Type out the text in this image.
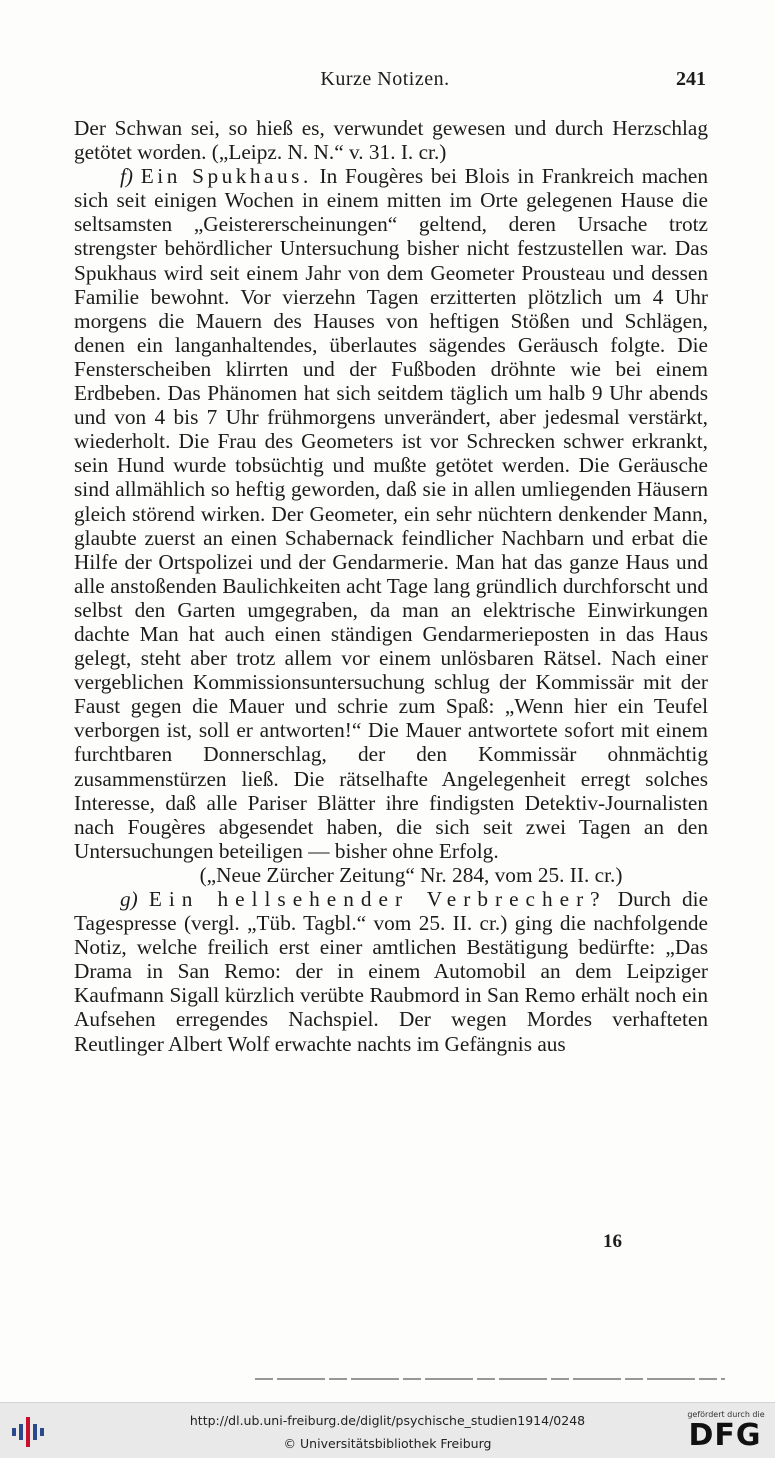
Kurze Notizen.	241

Der Schwan sei, so hieß es, verwundet gewesen und durch Herzschlag getötet worden. („Leipz. N. N.“ v. 31. I. cr.)

f) Ein Spukhaus. In Fougères bei Blois in Frankreich machen sich seit einigen Wochen in einem mitten im Orte gelegenen Hause die seltsamsten „Geistererscheinungen“ geltend, deren Ursache trotz strengster behördlicher Untersuchung bisher nicht festzustellen war. Das Spukhaus wird seit einem Jahr von dem Geometer Prousteau und dessen Familie bewohnt. Vor vierzehn Tagen erzitterten plötzlich um 4 Uhr morgens die Mauern des Hauses von heftigen Stößen und Schlägen, denen ein langanhaltendes, überlautes sägendes Geräusch folgte. Die Fensterscheiben klirrten und der Fußboden dröhnte wie bei einem Erdbeben. Das Phänomen hat sich seitdem täglich um halb 9 Uhr abends und von 4 bis 7 Uhr frühmorgens unverändert, aber jedesmal verstärkt, wiederholt. Die Frau des Geometers ist vor Schrecken schwer erkrankt, sein Hund wurde tobsüchtig und mußte getötet werden. Die Geräusche sind allmählich so heftig geworden, daß sie in allen umliegenden Häusern gleich störend wirken. Der Geometer, ein sehr nüchtern denkender Mann, glaubte zuerst an einen Schabernack feindlicher Nachbarn und erbat die Hilfe der Ortspolizei und der Gendarmerie. Man hat das ganze Haus und alle anstoßenden Baulichkeiten acht Tage lang gründlich durchforscht und selbst den Garten umgegraben, da man an elektrische Einwirkungen dachte Man hat auch einen ständigen Gendarmerieposten in das Haus gelegt, steht aber trotz allem vor einem unlösbaren Rätsel. Nach einer vergeblichen Kommissionsuntersuchung schlug der Kommissär mit der Faust gegen die Mauer und schrie zum Spaß: „Wenn hier ein Teufel verborgen ist, soll er antworten!“ Die Mauer antwortete sofort mit einem furchtbaren Donnerschlag, der den Kommissär ohnmächtig zusammenstürzen ließ. Die rätselhafte Angelegenheit erregt solches Interesse, daß alle Pariser Blätter ihre findigsten Detektiv-Journalisten nach Fougères abgesendet haben, die sich seit zwei Tagen an den Untersuchungen beteiligen — bisher ohne Erfolg.

(„Neue Zürcher Zeitung“ Nr. 284, vom 25. II. cr.)

g) Ein hellsehender Verbrecher? Durch die Tagespresse (vergl. „Tüb. Tagbl.“ vom 25. II. cr.) ging die nachfolgende Notiz, welche freilich erst einer amtlichen Bestätigung bedürfte: „Das Drama in San Remo: der in einem Automobil an dem Leipziger Kaufmann Sigall kürzlich verübte Raubmord in San Remo erhält noch ein Aufsehen erregendes Nachspiel. Der wegen Mordes verhafteten Reutlinger Albert Wolf erwachte nachts im Gefängnis aus

16
http://dl.ub.uni-freiburg.de/diglit/psychische_studien1914/0248
© Universitätsbibliothek Freiburg
gefördert durch die
DFG
